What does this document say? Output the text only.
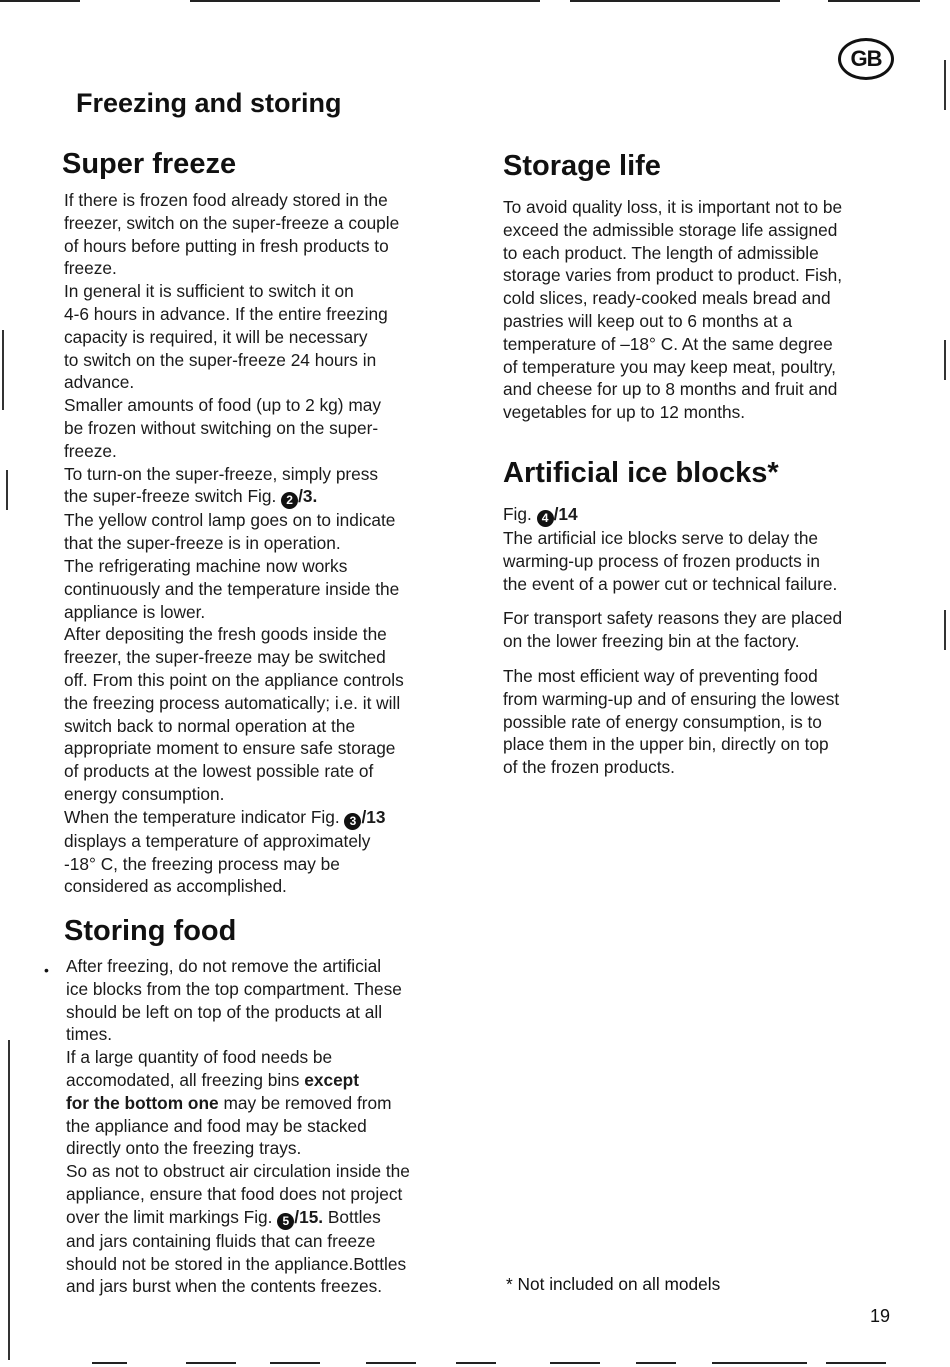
GB
Freezing and storing
Super freeze
If there is frozen food already stored in the
freezer, switch on the super-freeze a couple
of hours before putting in fresh products to
freeze.
In general it is sufficient to switch it on
4-6 hours in advance. If the entire freezing
capacity is required, it will be necessary
to switch on the super-freeze 24 hours in
advance.
Smaller amounts of food (up to 2 kg) may
be frozen without switching on the super-
freeze.
To turn-on the super-freeze, simply press
the super-freeze switch Fig. 2 /3.
The yellow control lamp goes on to indicate
that the super-freeze is in operation.
The refrigerating machine now works
continuously and the temperature inside the
appliance is lower.
After depositing the fresh goods inside the
freezer, the super-freeze may be switched
off. From this point on the appliance controls
the freezing process automatically; i.e. it will
switch back to normal operation at the
appropriate moment to ensure safe storage
of products at the lowest possible rate of
energy consumption.
When the temperature indicator Fig. 3 /13
displays a temperature of approximately
-18° C, the freezing process may be
considered as accomplished.
•
Storing food
After freezing, do not remove the artificial
ice blocks from the top compartment. These
should be left on top of the products at all
times.
If a large quantity of food needs be
accomodated, all freezing bins except
for the bottom one may be removed from
the appliance and food may be stacked
directly onto the freezing trays.
So as not to obstruct air circulation inside the
appliance, ensure that food does not project
over the limit markings Fig. 5 /15. Bottles
and jars containing fluids that can freeze
should not be stored in the appliance.Bottles
and jars burst when the contents freezes.
Storage life
To avoid quality loss, it is important not to be
exceed the admissible storage life assigned
to each product. The length of admissible
storage varies from product to product. Fish,
cold slices, ready-cooked meals bread and
pastries will keep out to 6 months at a
temperature of –18° C. At the same degree
of temperature you may keep meat, poultry,
and cheese for up to 8 months and fruit and
vegetables for up to 12 months.
Artificial ice blocks*
Fig. 4 /14
The artificial ice blocks serve to delay the
warming-up process of frozen products in
the event of a power cut or technical failure.
For transport safety reasons they are placed
on the lower freezing bin at the factory.
The most efficient way of preventing food
from warming-up and of ensuring the lowest
possible rate of energy consumption, is to
place them in the upper bin, directly on top
of the frozen products.

* Not included on all models

19
